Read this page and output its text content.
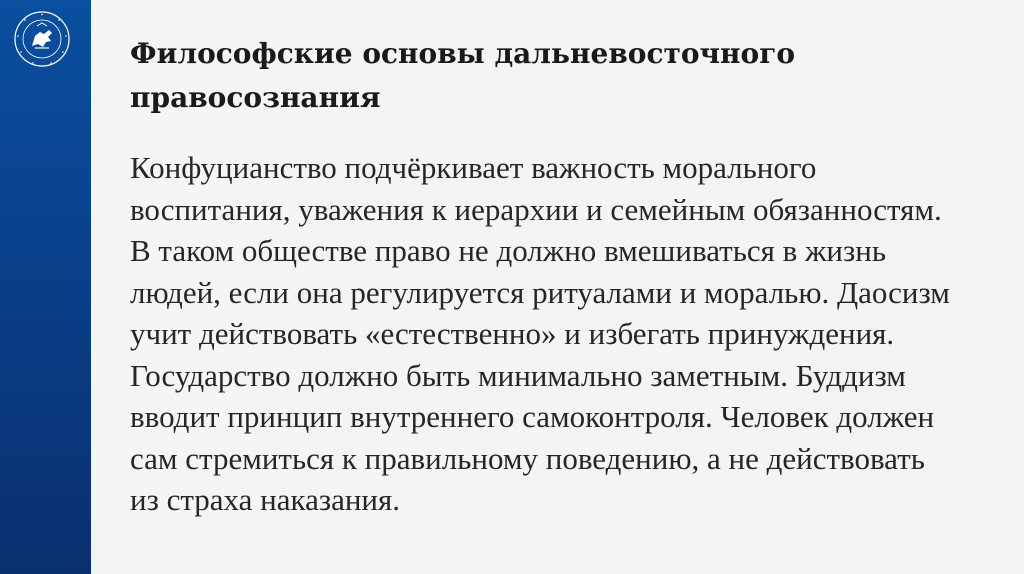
Философские основы дальневосточного
правосознания

Конфуцианство подчёркивает важность морального
воспитания, уважения к иерархии и семейным обязанностям.
В таком обществе право не должно вмешиваться в жизнь
людей, если она регулируется ритуалами и моралью. Даосизм
учит действовать «естественно» и избегать принуждения.
Государство должно быть минимально заметным. Буддизм
вводит принцип внутреннего самоконтроля. Человек должен
сам стремиться к правильному поведению, а не действовать
из страха наказания.
